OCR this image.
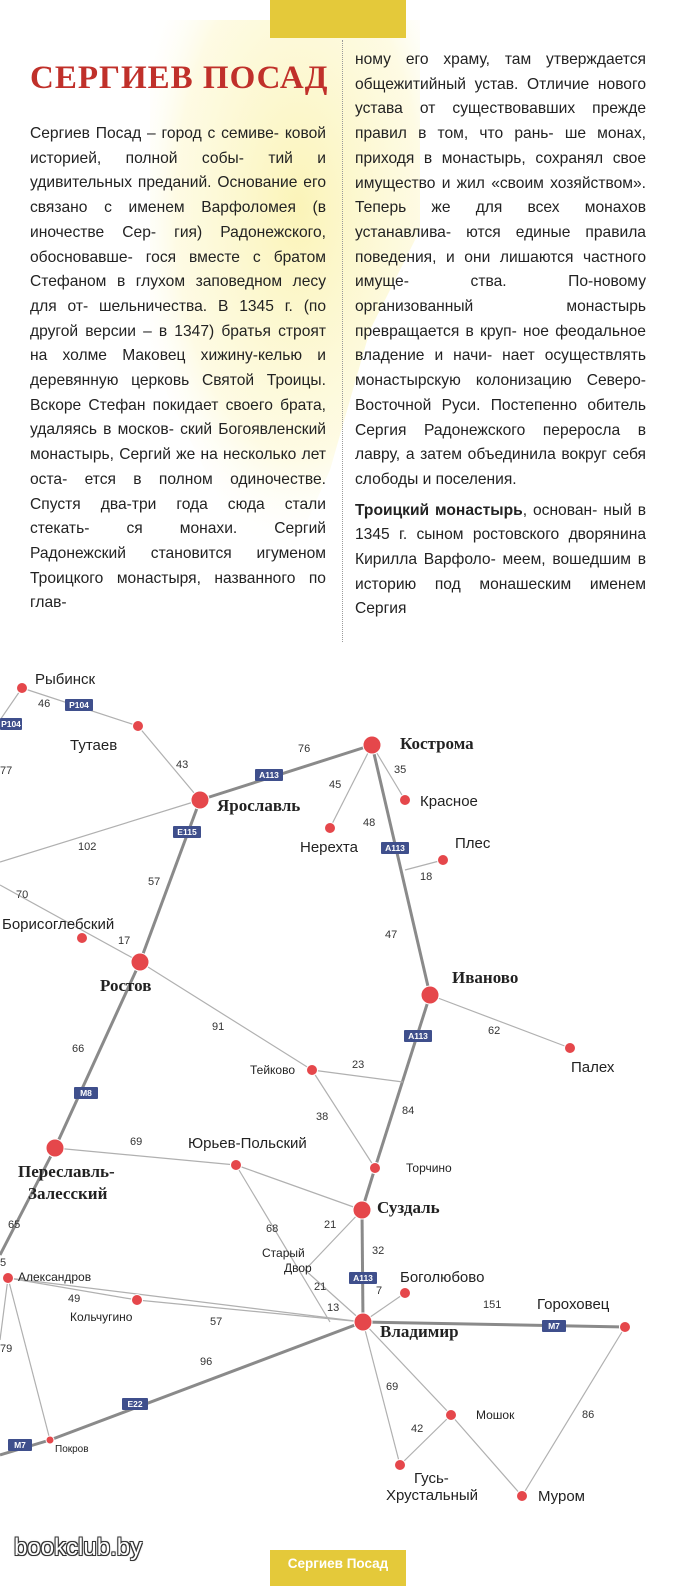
СЕРГИЕВ ПОСАД

Сергиев Посад – город с семиве- ковой историей, полной собы- тий и удивительных преданий. Основание его связано с именем Варфоломея (в иночестве Сер- гия) Радонежского, обосновавше- гося вместе с братом Стефаном в глухом заповедном лесу для от- шельничества. В 1345 г. (по другой версии – в 1347) братья строят на холме Маковец хижину-келью и деревянную церковь Святой Троицы. Вскоре Стефан покидает своего брата, удаляясь в москов- ский Богоявленский монастырь, Сергий же на несколько лет оста- ется в полном одиночестве. Спустя два-три года сюда стали стекать- ся монахи. Сергий Радонежский становится игуменом Троицкого монастыря, названного по глав-

ному его храму, там утверждается общежитийный устав. Отличие нового устава от существовавших прежде правил в том, что рань- ше монах, приходя в монастырь, сохранял свое имущество и жил «своим хозяйством». Теперь же для всех монахов устанавлива- ются единые правила поведения, и они лишаются частного имуще-	ства. По-новому организованный	монастырь превращается в круп- ное феодальное владение и начи- нает осуществлять монастырскую колонизацию Северо-Восточной Руси. Постепенно обитель Сергия Радонежского переросла в лавру, а затем объединила вокруг себя слободы и поселения.

Троицкий монастырь, основан- ный в 1345 г. сыном ростовского дворянина Кирилла Варфоло- меем, вошедшим в историю под монашеским именем Сергия

Р104
Р104
А113
Е115
А113
А113
М8
А113
М7
Е22
М7
46
77
76
43
45
35
48
102
18
57
70
17	47
91
66
62
23
38	84
69
21
32
68
21	7
13
5
49
57
151
69
42
86
96
65
79
Кострома
Ярославль
Ростов	Иваново
Переславль-
Залесский
Суздаль
Владимир
Рыбинск
Тутаев
Красное
Нерехта	Плес
Борисоглебский
Палех
Тейково
Юрьев-Польский
Торчино
Старый
Двор
Александров
Кольчугино
Боголюбово
Гороховец
Мошок
Гусь-
Хрустальный	Муром
Покров

bookclub.by

Сергиев Посад
